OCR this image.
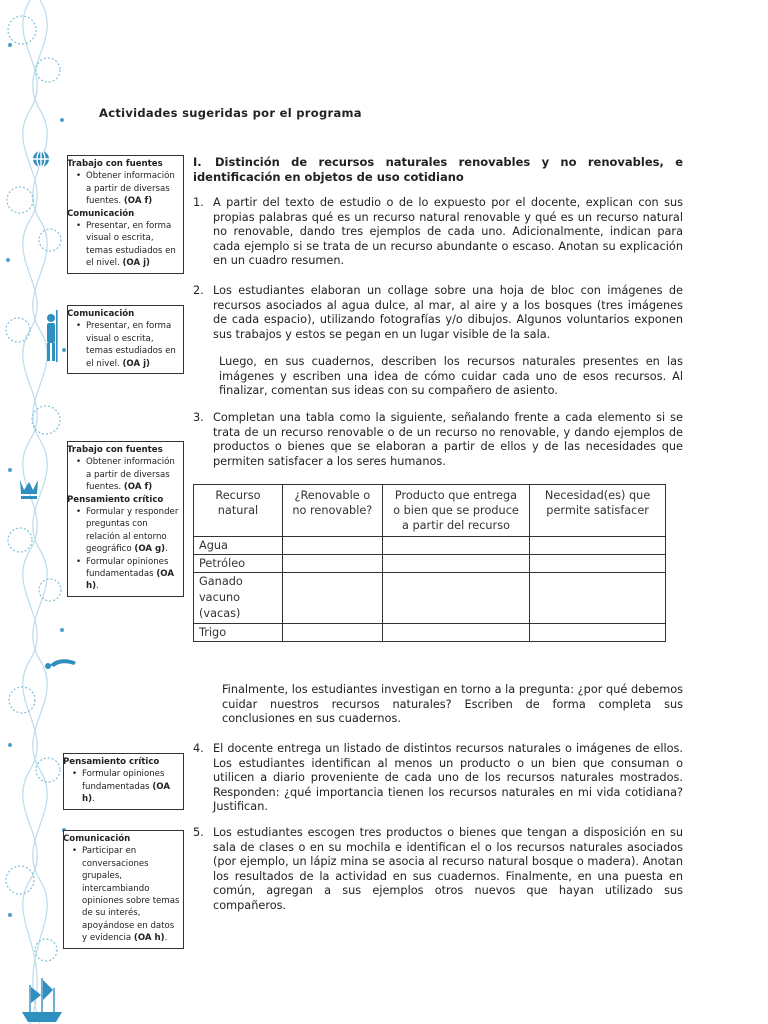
Actividades sugeridas por el programa
Trabajo con fuentes
• Obtener información a partir de diversas fuentes. (OA f)
Comunicación
• Presentar, en forma visual o escrita, temas estudiados en el nivel. (OA j)
Comunicación
• Presentar, en forma visual o escrita, temas estudiados en el nivel. (OA j)
Trabajo con fuentes
• Obtener información a partir de diversas fuentes. (OA f)
Pensamiento crítico
• Formular y responder preguntas con relación al entorno geográfico (OA g).
• Formular opiniones fundamentadas (OA h).
Pensamiento crítico
• Formular opiniones fundamentadas (OA h).
Comunicación
• Participar en conversaciones grupales, intercambiando opiniones sobre temas de su interés, apoyándose en datos y evidencia (OA h).
I. Distinción de recursos naturales renovables y no renovables, e identificación en objetos de uso cotidiano
1. A partir del texto de estudio o de lo expuesto por el docente, explican con sus propias palabras qué es un recurso natural renovable y qué es un recurso natural no renovable, dando tres ejemplos de cada uno. Adicionalmente, indican para cada ejemplo si se trata de un recurso abundante o escaso. Anotan su explicación en un cuadro resumen.
2. Los estudiantes elaboran un collage sobre una hoja de bloc con imágenes de recursos asociados al agua dulce, al mar, al aire y a los bosques (tres imágenes de cada espacio), utilizando fotografías y/o dibujos. Algunos voluntarios exponen sus trabajos y estos se pegan en un lugar visible de la sala.
Luego, en sus cuadernos, describen los recursos naturales presentes en las imágenes y escriben una idea de cómo cuidar cada uno de esos recursos. Al finalizar, comentan sus ideas con su compañero de asiento.
3. Completan una tabla como la siguiente, señalando frente a cada elemento si se trata de un recurso renovable o de un recurso no renovable, y dando ejemplos de productos o bienes que se elaboran a partir de ellos y de las necesidades que permiten satisfacer a los seres humanos.
Recurso natural	¿Renovable o no renovable?	Producto que entrega o bien que se produce a partir del recurso	Necesidad(es) que permite satisfacer
Agua			
Petróleo			
Ganado vacuno (vacas)			
Trigo			
Finalmente, los estudiantes investigan en torno a la pregunta: ¿por qué debemos cuidar nuestros recursos naturales? Escriben de forma completa sus conclusiones en sus cuadernos.
4. El docente entrega un listado de distintos recursos naturales o imágenes de ellos. Los estudiantes identifican al menos un producto o un bien que consuman o utilicen a diario proveniente de cada uno de los recursos naturales mostrados. Responden: ¿qué importancia tienen los recursos naturales en mi vida cotidiana? Justifican.
5. Los estudiantes escogen tres productos o bienes que tengan a disposición en su sala de clases o en su mochila e identifican el o los recursos naturales asociados (por ejemplo, un lápiz mina se asocia al recurso natural bosque o madera). Anotan los resultados de la actividad en sus cuadernos. Finalmente, en una puesta en común, agregan a sus ejemplos otros nuevos que hayan utilizado sus compañeros.
